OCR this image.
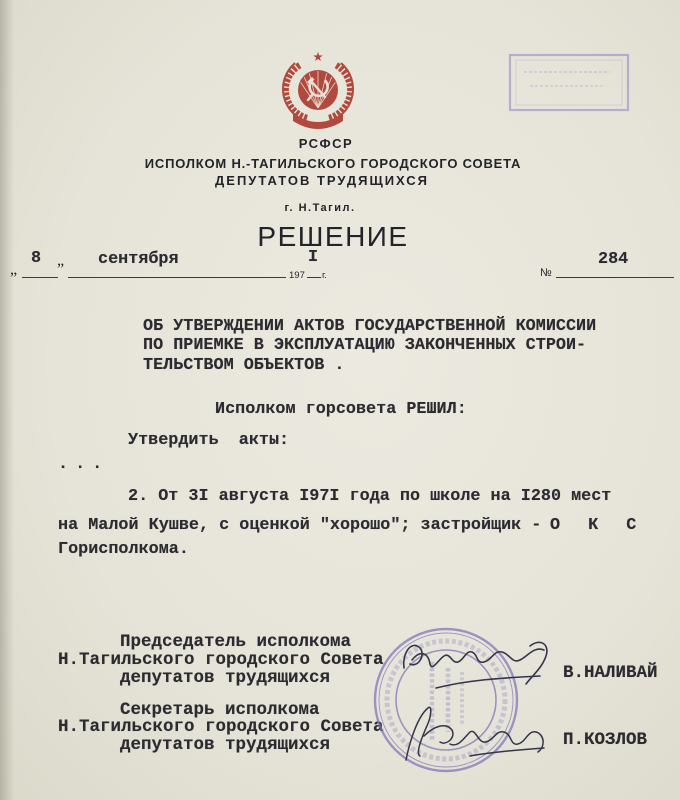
РСФСР
ИСПОЛКОМ Н.-ТАГИЛЬСКОГО ГОРОДСКОГО СОВЕТА
ДЕПУТАТОВ ТРУДЯЩИХСЯ
г. Н.Тагил.
РЕШЕНИЕ
„ ”	197 г.	№
8	сентября	I	284
ОБ УТВЕРЖДЕНИИ АКТОВ ГОСУДАРСТВЕННОЙ КОМИССИИ
ПО ПРИЕМКЕ В ЭКСПЛУАТАЦИЮ ЗАКОНЧЕННЫХ СТРОИ-
ТЕЛЬСТВОМ ОБЪЕКТОВ .
Исполком горсовета РЕШИЛ:
Утвердить  акты:
...
2. От 3I августа I97I года по школе на I280 мест
на Малой Кушве, с оценкой "хорошо"; застройщик - О К С
Горисполкома.
Председатель исполкома
Н.Тагильского городского Совета
депутатов трудящихся	В.НАЛИВАЙ
Секретарь исполкома
Н.Тагильского городского Совета
депутатов трудящихся	П.КОЗЛОВ
